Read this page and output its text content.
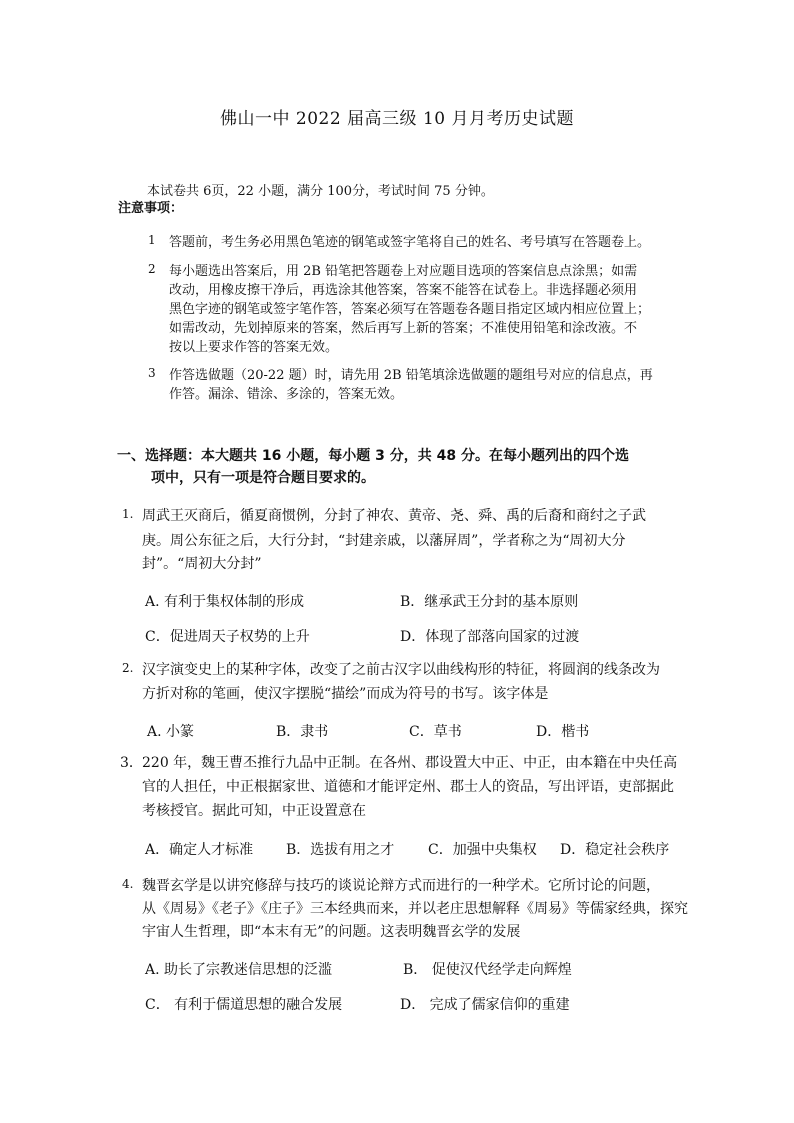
佛山一中 2022 届高三级 10 月月考历史试题
本试卷共 6页，22 小题，满分 100分，考试时间 75 分钟。
注意事项：
1 答题前，考生务必用黑色笔迹的钢笔或签字笔将自己的姓名、考号填写在答题卷上。
2 每小题选出答案后，用 2B 铅笔把答题卷上对应题目选项的答案信息点涂黑；如需
改动，用橡皮擦干净后，再选涂其他答案，答案不能答在试卷上。非选择题必须用
黑色字迹的钢笔或签字笔作答，答案必须写在答题卷各题目指定区域内相应位置上；
如需改动，先划掉原来的答案，然后再写上新的答案；不准使用铅笔和涂改液。不
按以上要求作答的答案无效。
3 作答选做题（20-22 题）时，请先用 2B 铅笔填涂选做题的题组号对应的信息点，再
作答。漏涂、错涂、多涂的，答案无效。
一、选择题：本大题共 16 小题，每小题 3 分，共 48 分。在每小题列出的四个选
项中，只有一项是符合题目要求的。
1. 周武王灭商后，循夏商惯例，分封了神农、黄帝、尧、舜、禹的后裔和商纣之子武
庚。周公东征之后，大行分封，“封建亲戚，以藩屏周”，学者称之为“周初大分
封”。“周初大分封”
A. 有利于集权体制的形成	B．继承武王分封的基本原则
C．促进周天子权势的上升	D．体现了部落向国家的过渡
2. 汉字演变史上的某种字体，改变了之前古汉字以曲线构形的特征，将圆润的线条改为
方折对称的笔画，使汉字摆脱“描绘”而成为符号的书写。该字体是
A. 小篆	B．隶书	C．草书	D．楷书
3． 220 年，魏王曹丕推行九品中正制。在各州、郡设置大中正、中正，由本籍在中央任高
官的人担任，中正根据家世、道德和才能评定州、郡士人的资品，写出评语，吏部据此
考核授官。据此可知，中正设置意在
A．确定人才标准 B．选拔有用之才 C．加强中央集权 D．稳定社会秩序
4. 魏晋玄学是以讲究修辞与技巧的谈说论辩方式而进行的一种学术。它所讨论的问题，
从《周易》《老子》《庄子》三本经典而来，并以老庄思想解释《周易》等儒家经典，探究
宇宙人生哲理，即“本末有无”的问题。这表明魏晋玄学的发展
A. 助长了宗教迷信思想的泛滥	B． 促使汉代经学走向辉煌
C． 有利于儒道思想的融合发展	D． 完成了儒家信仰的重建
